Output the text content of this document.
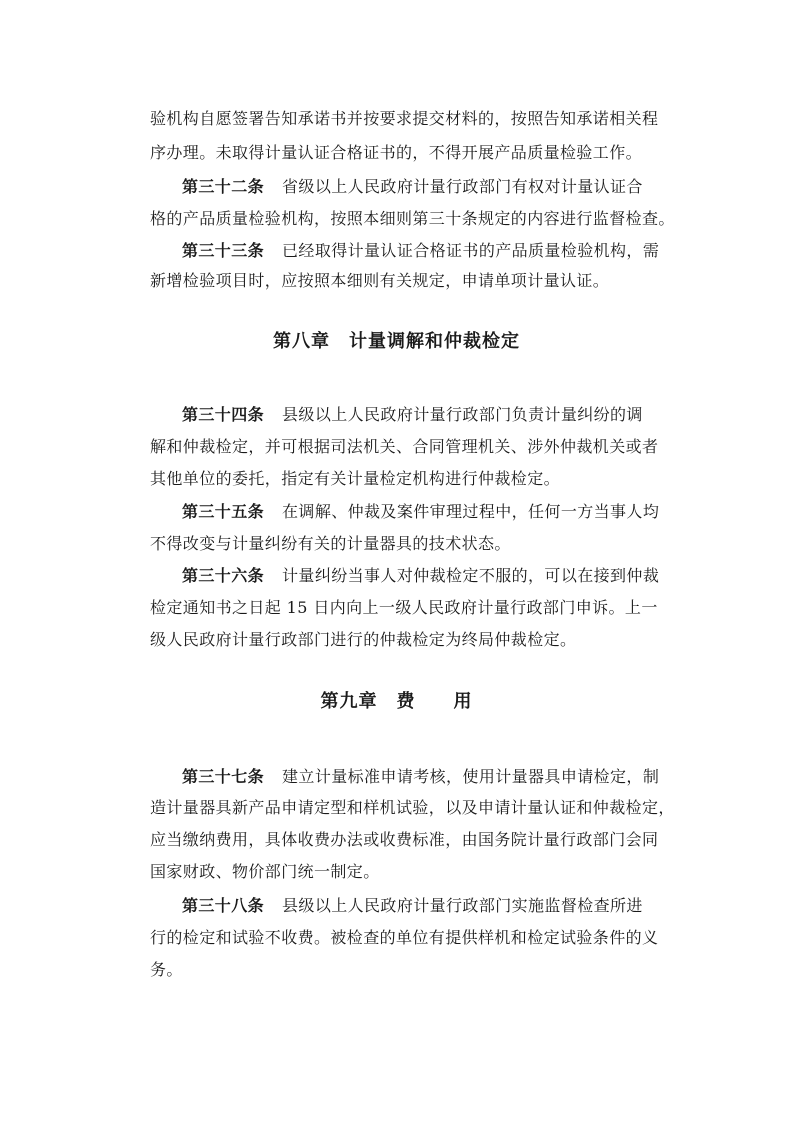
验机构自愿签署告知承诺书并按要求提交材料的，按照告知承诺相关程
序办理。未取得计量认证合格证书的，不得开展产品质量检验工作。
第三十二条 省级以上人民政府计量行政部门有权对计量认证合
格的产品质量检验机构，按照本细则第三十条规定的内容进行监督检查。
第三十三条 已经取得计量认证合格证书的产品质量检验机构，需
新增检验项目时，应按照本细则有关规定，申请单项计量认证。
第八章　计量调解和仲裁检定
第三十四条 县级以上人民政府计量行政部门负责计量纠纷的调
解和仲裁检定，并可根据司法机关、合同管理机关、涉外仲裁机关或者
其他单位的委托，指定有关计量检定机构进行仲裁检定。
第三十五条 在调解、仲裁及案件审理过程中，任何一方当事人均
不得改变与计量纠纷有关的计量器具的技术状态。
第三十六条 计量纠纷当事人对仲裁检定不服的，可以在接到仲裁
检定通知书之日起 15 日内向上一级人民政府计量行政部门申诉。上一
级人民政府计量行政部门进行的仲裁检定为终局仲裁检定。
第九章　费　　用
第三十七条 建立计量标准申请考核，使用计量器具申请检定，制
造计量器具新产品申请定型和样机试验，以及申请计量认证和仲裁检定，
应当缴纳费用，具体收费办法或收费标准，由国务院计量行政部门会同
国家财政、物价部门统一制定。
第三十八条 县级以上人民政府计量行政部门实施监督检查所进
行的检定和试验不收费。被检查的单位有提供样机和检定试验条件的义
务。
